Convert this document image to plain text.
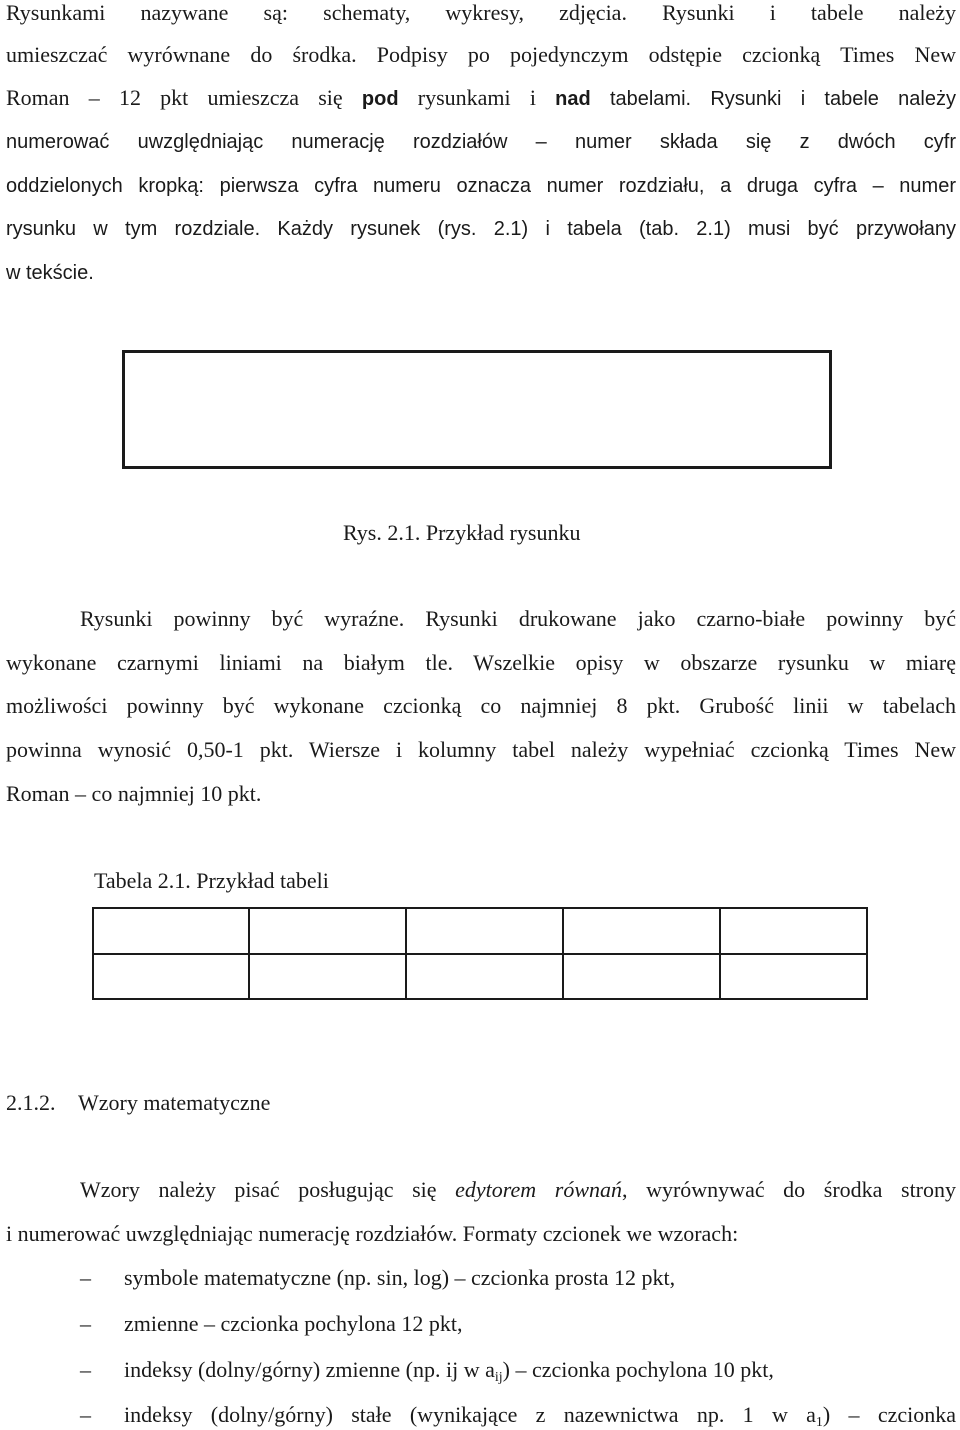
Rysunkami nazywane są: schematy, wykresy, zdjęcia. Rysunki i tabele należy
umieszczać wyrównane do środka. Podpisy po pojedynczym odstępie czcionką Times New
Roman – 12 pkt umieszcza się pod rysunkami i nad tabelami. Rysunki i tabele należy
numerować uwzględniając numerację rozdziałów – numer składa się z dwóch cyfr
oddzielonych kropką: pierwsza cyfra numeru oznacza numer rozdziału, a druga cyfra – numer
rysunku w tym rozdziale. Każdy rysunek (rys. 2.1) i tabela (tab. 2.1) musi być przywołany
w tekście.
Rys. 2.1. Przykład rysunku
Rysunki powinny być wyraźne. Rysunki drukowane jako czarno-białe powinny być
wykonane czarnymi liniami na białym tle. Wszelkie opisy w obszarze rysunku w miarę
możliwości powinny być wykonane czcionką co najmniej 8 pkt. Grubość linii w tabelach
powinna wynosić 0,50-1 pkt. Wiersze i kolumny tabel należy wypełniać czcionką Times New
Roman – co najmniej 10 pkt.
Tabela 2.1. Przykład tabeli

2.1.2. Wzory matematyczne
Wzory należy pisać posługując się edytorem równań, wyrównywać do środka strony
i numerować uwzględniając numerację rozdziałów. Formaty czcionek we wzorach:
– symbole matematyczne (np. sin, log) – czcionka prosta 12 pkt,
– zmienne – czcionka pochylona 12 pkt,
– indeksy (dolny/górny) zmienne (np. ij w $a_{ij}$) – czcionka pochylona 10 pkt,
– indeksy (dolny/górny) stałe (wynikające z nazewnictwa np. 1 w $a_1$) – czcionka
